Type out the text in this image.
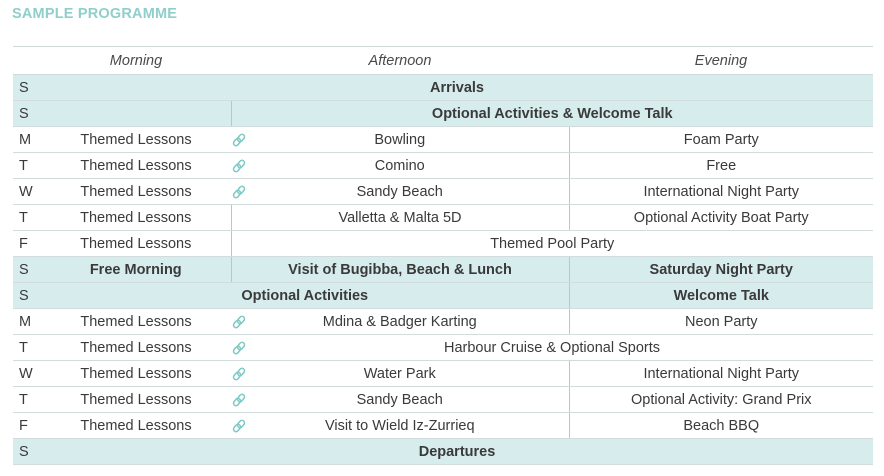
SAMPLE PROGRAMME
	Morning	Afternoon	Evening
S	Arrivals		
S		Optional Activities & Welcome Talk	
M	Themed Lessons	Bowling	Foam Party
T	Themed Lessons	Comino	Free
W	Themed Lessons	Sandy Beach	International Night Party
T	Themed Lessons	Valletta & Malta 5D	Optional Activity Boat Party
F	Themed Lessons	Themed Pool Party	
S	Free Morning	Visit of Bugibba, Beach & Lunch	Saturday Night Party
S	Optional Activities		Welcome Talk
M	Themed Lessons	Mdina & Badger Karting	Neon Party
T	Themed Lessons	Harbour Cruise & Optional Sports	

W	Themed Lessons	Water Park	International Night Party
T	Themed Lessons	Sandy Beach	Optional Activity: Grand Prix
F	Themed Lessons	Visit to Wield Iz-Zurrieq	Beach BBQ
S	Departures		
